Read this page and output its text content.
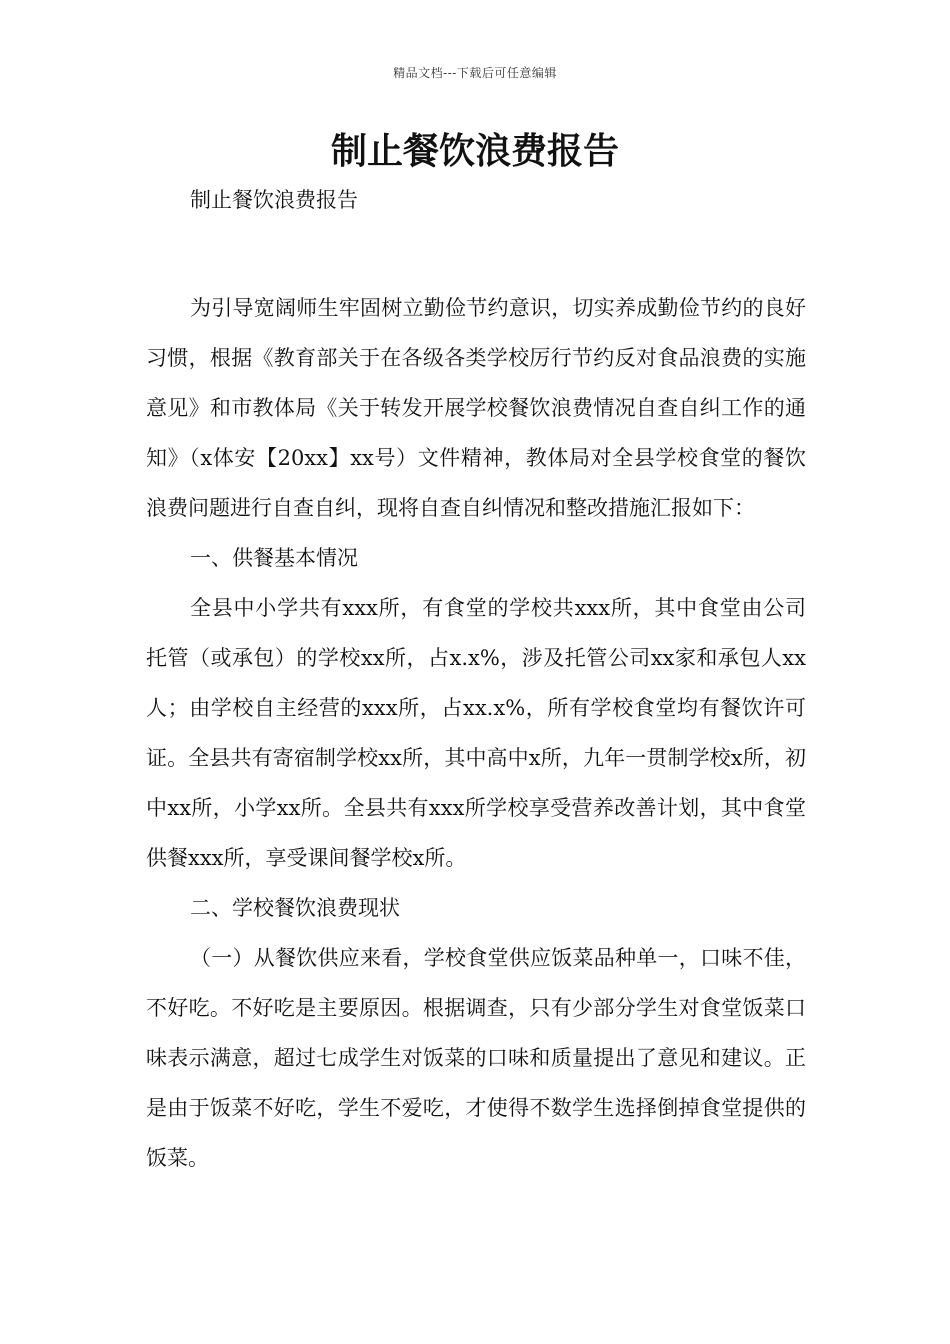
精品文档---下载后可任意编辑
制止餐饮浪费报告

制止餐饮浪费报告

为引导宽阔师生牢固树立勤俭节约意识，切实养成勤俭节约的良好习惯，根据《教育部关于在各级各类学校厉行节约反对食品浪费的实施意见》和市教体局《关于转发开展学校餐饮浪费情况自查自纠工作的通知》（x体安【20xx】xx号）文件精神，教体局对全县学校食堂的餐饮浪费问题进行自查自纠，现将自查自纠情况和整改措施汇报如下：

一、供餐基本情况

全县中小学共有xxx所，有食堂的学校共xxx所，其中食堂由公司托管（或承包）的学校xx所，占x.x%，涉及托管公司xx家和承包人xx人；由学校自主经营的xxx所，占xx.x%，所有学校食堂均有餐饮许可证。全县共有寄宿制学校xx所，其中高中x所，九年一贯制学校x所，初中xx所，小学xx所。全县共有xxx所学校享受营养改善计划，其中食堂供餐xxx所，享受课间餐学校x所。

二、学校餐饮浪费现状

（一）从餐饮供应来看，学校食堂供应饭菜品种单一，口味不佳，不好吃。不好吃是主要原因。根据调查，只有少部分学生对食堂饭菜口味表示满意，超过七成学生对饭菜的口味和质量提出了意见和建议。正是由于饭菜不好吃，学生不爱吃，才使得不数学生选择倒掉食堂提供的饭菜。
